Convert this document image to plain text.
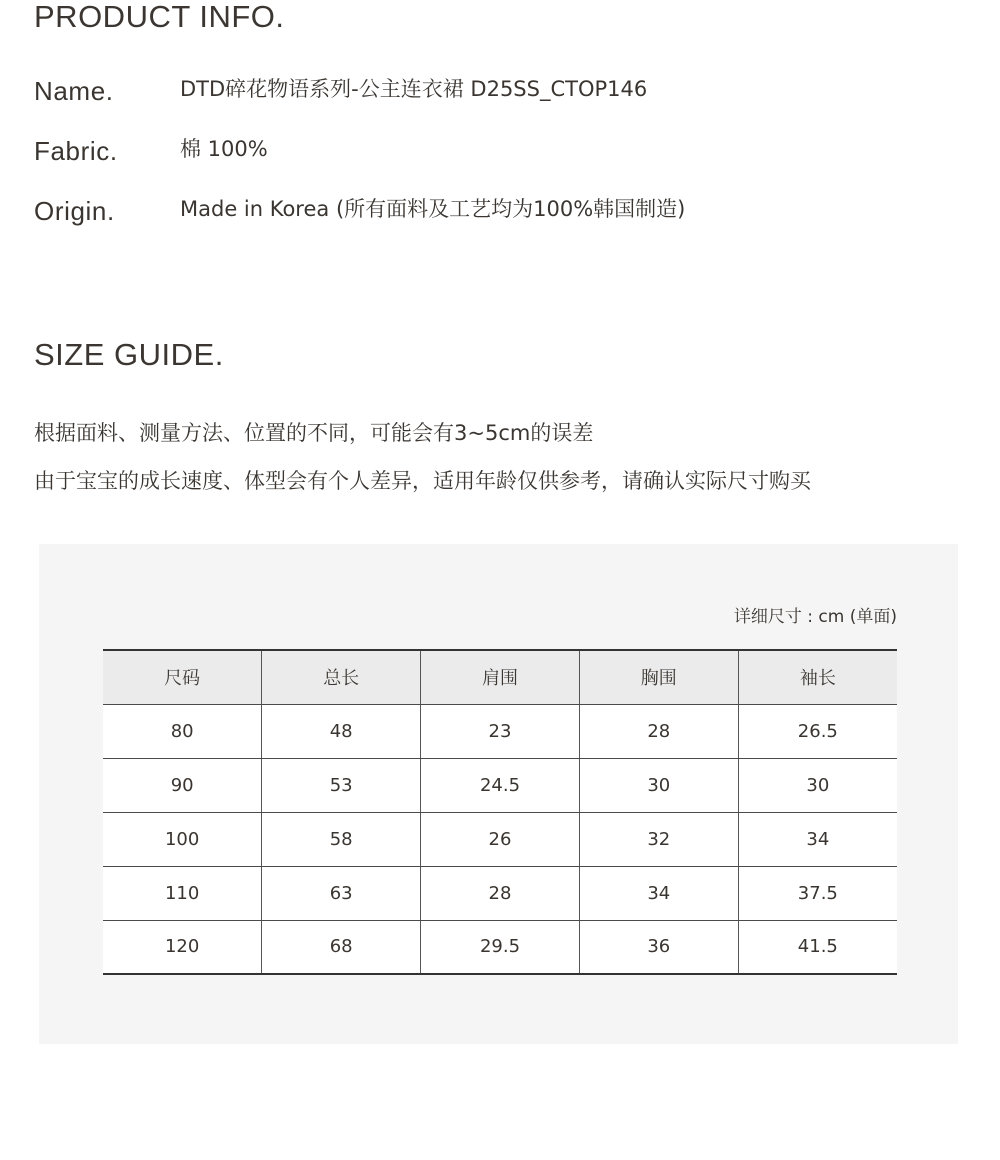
PRODUCT INFO.
Name.	DTD碎花物语系列-公主连衣裙 D25SS_CTOP146
Fabric.	棉 100%
Origin.	Made in Korea (所有面料及工艺均为100%韩国制造)
SIZE GUIDE.

根据面料、测量方法、位置的不同，可能会有3~5cm的误差

由于宝宝的成长速度、体型会有个人差异，适用年龄仅供参考，请确认实际尺寸购买

详细尺寸 : cm (单面)
尺码	总长	肩围	胸围	袖长
80	48	23	28	26.5
90	53	24.5	30	30
100	58	26	32	34
110	63	28	34	37.5
120	68	29.5	36	41.5
